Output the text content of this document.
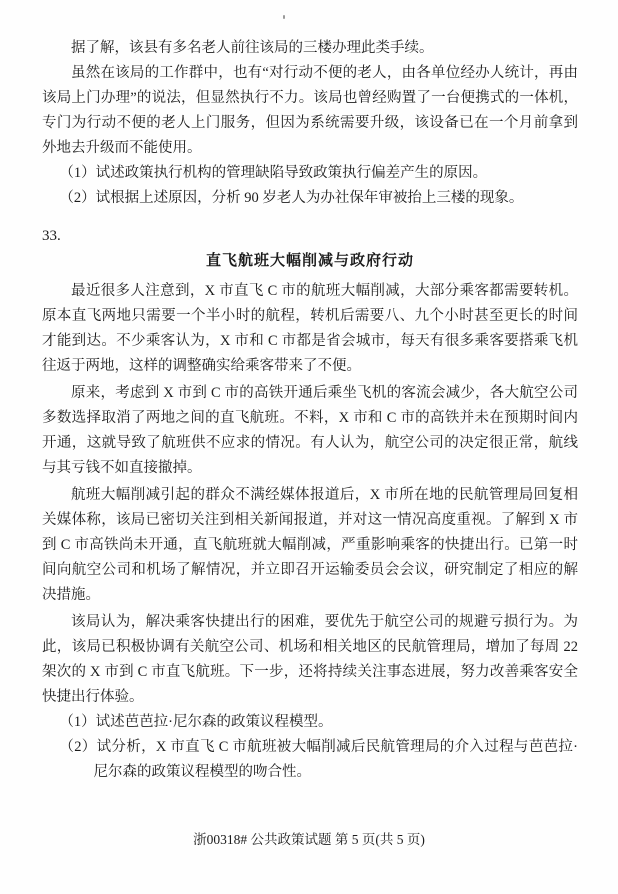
据了解，该县有多名老人前往该局的三楼办理此类手续。

虽然在该局的工作群中，也有“对行动不便的老人，由各单位经办人统计，再由该局上门办理”的说法，但显然执行不力。该局也曾经购置了一台便携式的一体机，专门为行动不便的老人上门服务，但因为系统需要升级，该设备已在一个月前拿到外地去升级而不能使用。

（1）试述政策执行机构的管理缺陷导致政策执行偏差产生的原因。

（2）试根据上述原因，分析 90 岁老人为办社保年审被抬上三楼的现象。

33.

直飞航班大幅削减与政府行动

最近很多人注意到，X 市直飞 C 市的航班大幅削减，大部分乘客都需要转机。原本直飞两地只需要一个半小时的航程，转机后需要八、九个小时甚至更长的时间才能到达。不少乘客认为，X 市和 C 市都是省会城市，每天有很多乘客要搭乘飞机往返于两地，这样的调整确实给乘客带来了不便。

原来，考虑到 X 市到 C 市的高铁开通后乘坐飞机的客流会减少，各大航空公司多数选择取消了两地之间的直飞航班。不料，X 市和 C 市的高铁并未在预期时间内开通，这就导致了航班供不应求的情况。有人认为，航空公司的决定很正常，航线与其亏钱不如直接撤掉。

航班大幅削减引起的群众不满经媒体报道后，X 市所在地的民航管理局回复相关媒体称，该局已密切关注到相关新闻报道，并对这一情况高度重视。了解到 X 市到 C 市高铁尚未开通，直飞航班就大幅削减，严重影响乘客的快捷出行。已第一时间向航空公司和机场了解情况，并立即召开运输委员会会议，研究制定了相应的解决措施。

该局认为，解决乘客快捷出行的困难，要优先于航空公司的规避亏损行为。为此，该局已积极协调有关航空公司、机场和相关地区的民航管理局，增加了每周 22 架次的 X 市到 C 市直飞航班。下一步，还将持续关注事态进展，努力改善乘客安全快捷出行体验。

（1）试述芭芭拉·尼尔森的政策议程模型。

（2）试分析，X 市直飞 C 市航班被大幅削减后民航管理局的介入过程与芭芭拉·尼尔森的政策议程模型的吻合性。

浙00318# 公共政策试题 第 5 页(共 5 页)
